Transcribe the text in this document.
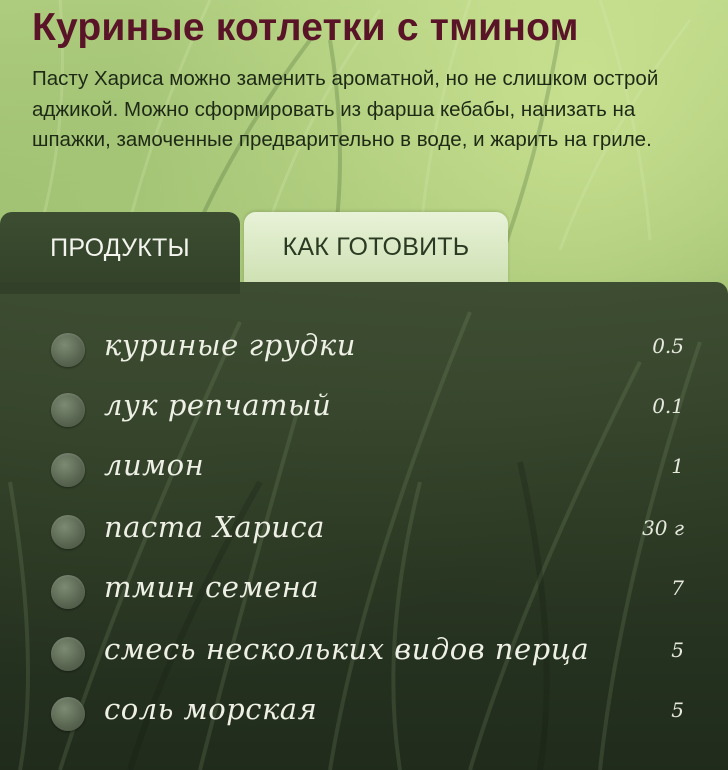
Куриные котлетки с тмином

Пасту Хариса можно заменить ароматной, но не слишком острой аджикой. Можно сформировать из фарша кебабы, нанизать на шпажки, замоченные предварительно в воде, и жарить на гриле.

ПРОДУКТЫ	КАК ГОТОВИТЬ
куриные грудки	0.5
лук репчатый	0.1
лимон	1
паста Хариса	30 г
тмин семена	7
смесь нескольких видов перца	5
соль морская	5
